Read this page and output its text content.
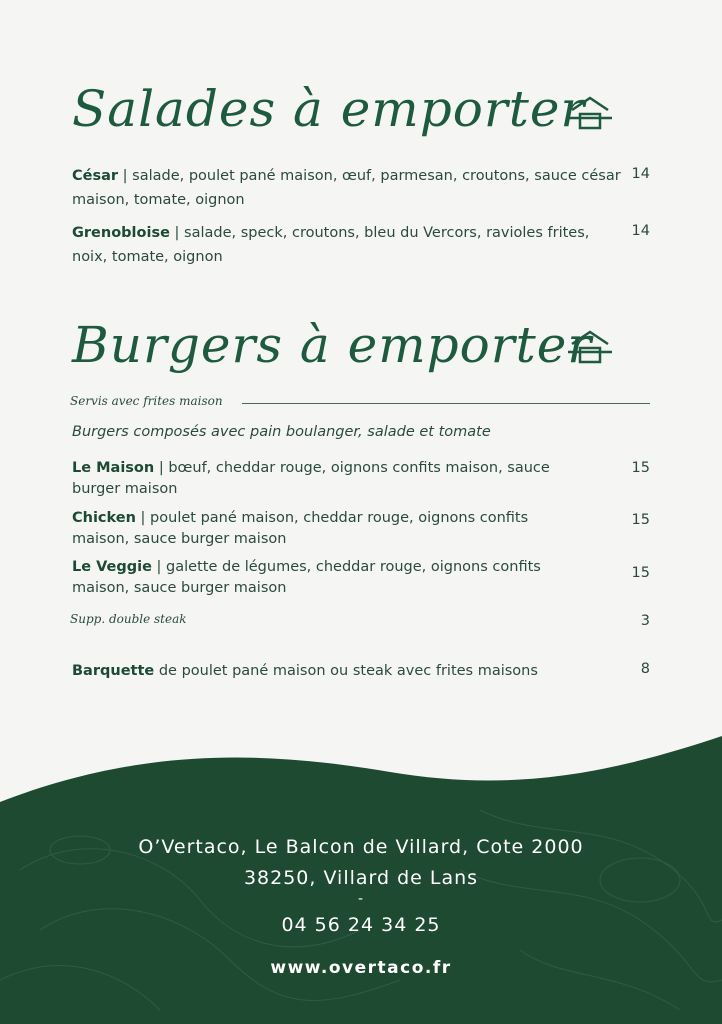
Salades à emporter
César | salade, poulet pané maison, œuf, parmesan, croutons, sauce césar maison, tomate, oignon
14
Grenobloise | salade, speck, croutons, bleu du Vercors, ravioles frites, noix, tomate, oignon
14
Burgers à emporter
Servis avec frites maison
Burgers composés avec pain boulanger, salade et tomate
Le Maison | bœuf, cheddar rouge, oignons confits maison, sauce burger maison
15
Chicken | poulet pané maison, cheddar rouge, oignons confits maison, sauce burger maison
15
Le Veggie | galette de légumes, cheddar rouge, oignons confits maison, sauce burger maison
15
Supp. double steak	3
Barquette de poulet pané maison ou steak avec frites maisons	8
O’Vertaco, Le Balcon de Villard, Cote 2000
38250, Villard de Lans
-
04 56 24 34 25
www.overtaco.fr
